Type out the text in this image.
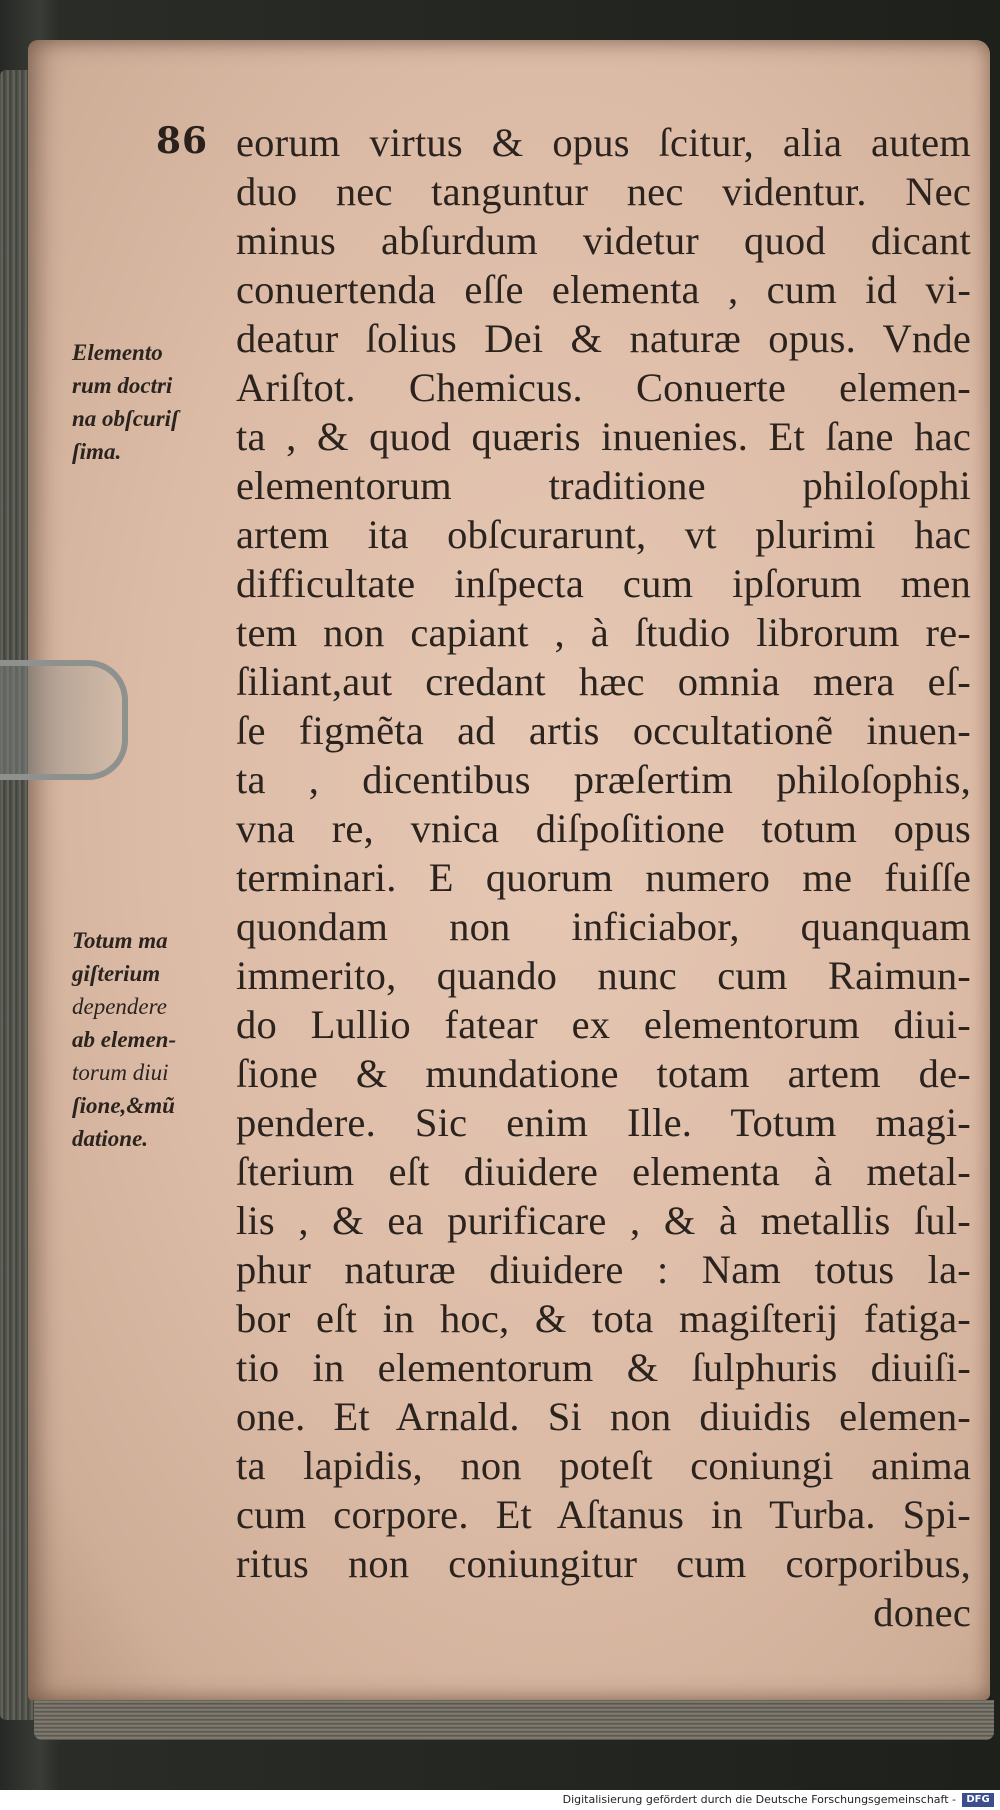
86
Elemento
rum doctri
na obſcuriſ
ſima.
Totum ma
giſterium
dependere
ab elemen-
torum diui
ſione,&mũ
datione.
eorum virtus & opus ſcitur, alia autem
duo nec tanguntur nec videntur. Nec
minus abſurdum videtur quod dicant
conuertenda eſſe elementa , cum id vi-
deatur ſolius Dei & naturæ opus. Vnde
Ariſtot. Chemicus. Conuerte elemen-
ta , & quod quæris inuenies. Et ſane hac
elementorum traditione philoſophi
artem ita obſcurarunt, vt plurimi hac
difficultate inſpecta cum ipſorum men
tem non capiant , à ſtudio librorum re-
ſiliant,aut credant hæc omnia mera eſ-
ſe figmẽta ad artis occultationẽ inuen-
ta , dicentibus præſertim philoſophis,
vna re, vnica diſpoſitione totum opus
terminari. E quorum numero me fuiſſe
quondam non inficiabor, quanquam
immerito, quando nunc cum Raimun-
do Lullio fatear ex elementorum diui-
ſione & mundatione totam artem de-
pendere. Sic enim Ille. Totum magi-
ſterium eſt diuidere elementa à metal-
lis , & ea purificare , & à metallis ſul-
phur naturæ diuidere : Nam totus la-
bor eſt in hoc, & tota magiſterij fatiga-
tio in elementorum & ſulphuris diuiſi-
one. Et Arnald. Si non diuidis elemen-
ta lapidis, non poteſt coniungi anima
cum corpore. Et Aſtanus in Turba. Spi-
ritus non coniungitur cum corporibus,
donec
Digitalisierung gefördert durch die Deutsche Forschungsgemeinschaft -	DFG
